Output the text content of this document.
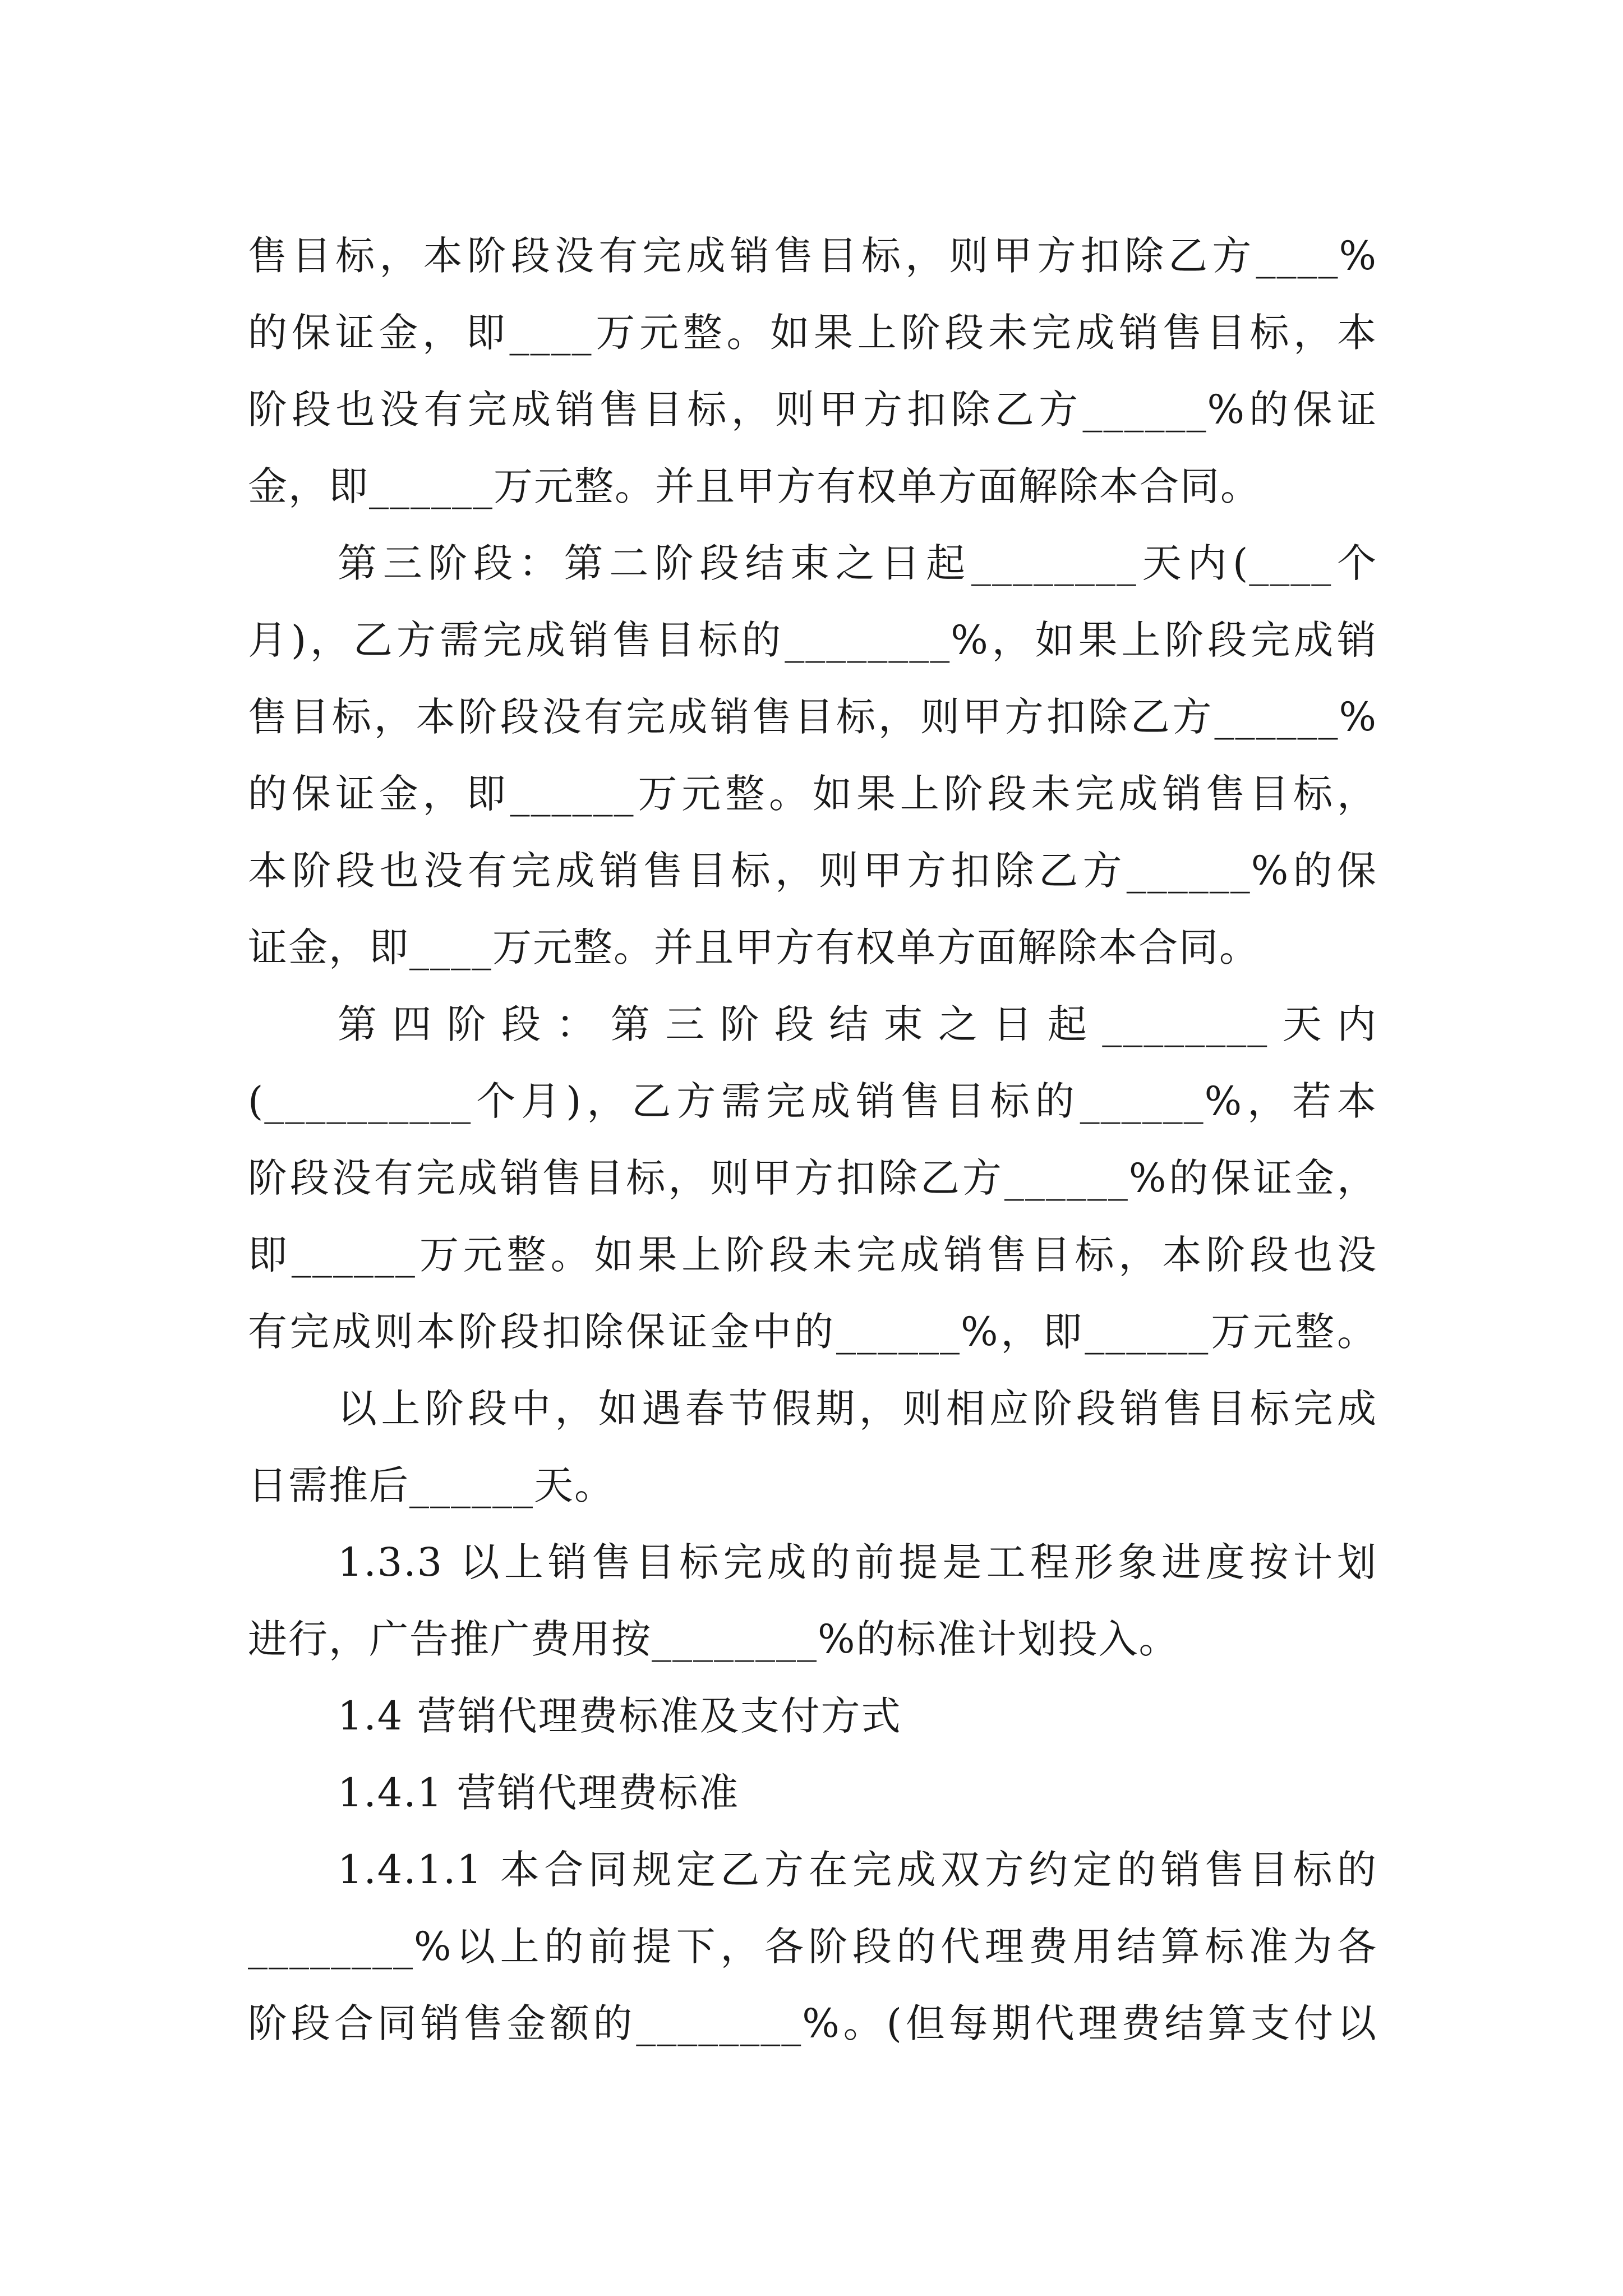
售目标，本阶段没有完成销售目标，则甲方扣除乙方____%
的保证金，即____万元整。如果上阶段未完成销售目标，本
阶段也没有完成销售目标，则甲方扣除乙方______%的保证
金，即______万元整。并且甲方有权单方面解除本合同。
第三阶段：第二阶段结束之日起________天内(____个
月)，乙方需完成销售目标的________%，如果上阶段完成销
售目标，本阶段没有完成销售目标，则甲方扣除乙方______%
的保证金，即______万元整。如果上阶段未完成销售目标，
本阶段也没有完成销售目标，则甲方扣除乙方______%的保
证金，即____万元整。并且甲方有权单方面解除本合同。
第四阶段：第三阶段结束之日起________天内
(__________个月)，乙方需完成销售目标的______%，若本
阶段没有完成销售目标，则甲方扣除乙方______%的保证金，
即______万元整。如果上阶段未完成销售目标，本阶段也没
有完成则本阶段扣除保证金中的______%，即______万元整。
以上阶段中，如遇春节假期，则相应阶段销售目标完成
日需推后______天。
1.3.3 以上销售目标完成的前提是工程形象进度按计划
进行，广告推广费用按________%的标准计划投入。
1.4 营销代理费标准及支付方式
1.4.1 营销代理费标准
1.4.1.1 本合同规定乙方在完成双方约定的销售目标的
________%以上的前提下，各阶段的代理费用结算标准为各
阶段合同销售金额的________%。(但每期代理费结算支付以
